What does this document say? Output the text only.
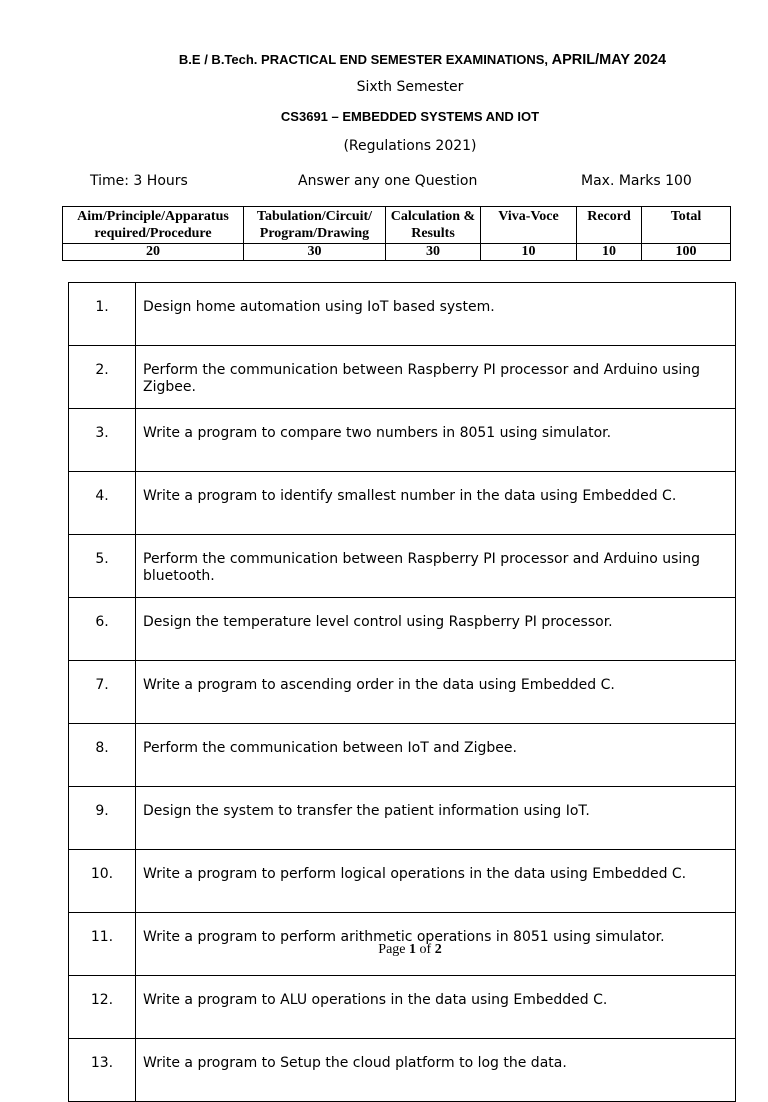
B.E / B.Tech. PRACTICAL END SEMESTER EXAMINATIONS, APRIL/MAY 2024
Sixth Semester
CS3691 – EMBEDDED SYSTEMS AND IOT
(Regulations 2021)
Time: 3 Hours	Answer any one Question	Max. Marks 100
Aim/Principle/Apparatus required/Procedure	Tabulation/Circuit/ Program/Drawing	Calculation & Results	Viva-Voce	Record	Total
20	30	30	10	10	100
1.	Design home automation using IoT based system.
2.	Perform the communication between Raspberry PI processor and Arduino using Zigbee.
3.	Write a program to compare two numbers in 8051 using simulator.
4.	Write a program to identify smallest number in the data using Embedded C.
5.	Perform the communication between Raspberry PI processor and Arduino using bluetooth.
6.	Design the temperature level control using Raspberry PI processor.
7.	Write a program to ascending order in the data using Embedded C.
8.	Perform the communication between IoT and Zigbee.
9.	Design the system to transfer the patient information using IoT.
10.	Write a program to perform logical operations in the data using Embedded C.
11.	Write a program to perform arithmetic operations in 8051 using simulator.
12.	Write a program to ALU operations in the data using Embedded C.
13.	Write a program to Setup the cloud platform to log the data.
Page 1 of 2
